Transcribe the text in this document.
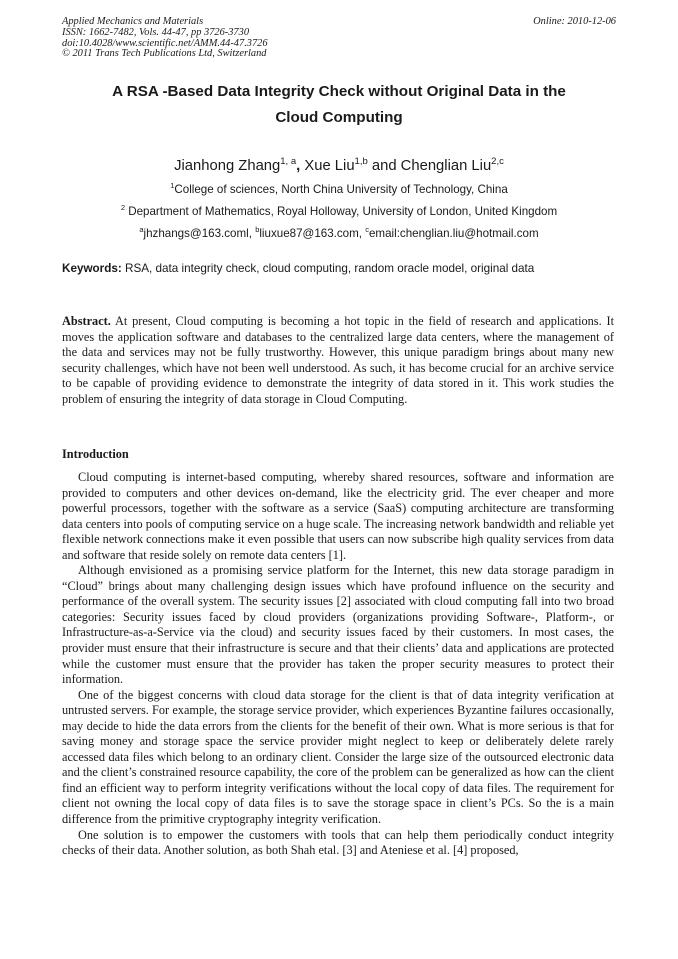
Applied Mechanics and Materials
ISSN: 1662-7482, Vols. 44-47, pp 3726-3730
doi:10.4028/www.scientific.net/AMM.44-47.3726
© 2011 Trans Tech Publications Ltd, Switzerland
Online: 2010-12-06
A RSA -Based Data Integrity Check without Original Data in the
Cloud Computing
Jianhong Zhang$^{1, a}$, Xue Liu$^{1,b}$ and Chenglian Liu$^{2,c}$
$^1$College of sciences, North China University of Technology, China
$^2$ Department of Mathematics, Royal Holloway, University of London, United Kingdom
$^a$jhzhangs@163.coml, $^b$liuxue87@163.com, $^c$email:chenglian.liu@hotmail.com
Keywords: RSA, data integrity check, cloud computing, random oracle model, original data

Abstract. At present, Cloud computing is becoming a hot topic in the field of research and applications. It moves the application software and databases to the centralized large data centers, where the management of the data and services may not be fully trustworthy. However, this unique paradigm brings about many new security challenges, which have not been well understood. As such, it has become crucial for an archive service to be capable of providing evidence to demonstrate the integrity of data stored in it. This work studies the problem of ensuring the integrity of data storage in Cloud Computing.

Introduction

Cloud computing is internet-based computing, whereby shared resources, software and information are provided to computers and other devices on-demand, like the electricity grid. The ever cheaper and more powerful processors, together with the software as a service (SaaS) computing architecture are transforming data centers into pools of computing service on a huge scale. The increasing network bandwidth and reliable yet flexible network connections make it even possible that users can now subscribe high quality services from data and software that reside solely on remote data centers [1].

Although envisioned as a promising service platform for the Internet, this new data storage paradigm in “Cloud” brings about many challenging design issues which have profound influence on the security and performance of the overall system. The security issues [2] associated with cloud computing fall into two broad categories: Security issues faced by cloud providers (organizations providing Software-, Platform-, or Infrastructure-as-a-Service via the cloud) and security issues faced by their customers. In most cases, the provider must ensure that their infrastructure is secure and that their clients’ data and applications are protected while the customer must ensure that the provider has taken the proper security measures to protect their information.

One of the biggest concerns with cloud data storage for the client is that of data integrity verification at untrusted servers. For example, the storage service provider, which experiences Byzantine failures occasionally, may decide to hide the data errors from the clients for the benefit of their own. What is more serious is that for saving money and storage space the service provider might neglect to keep or deliberately delete rarely accessed data files which belong to an ordinary client. Consider the large size of the outsourced electronic data and the client’s constrained resource capability, the core of the problem can be generalized as how can the client find an efficient way to perform integrity verifications without the local copy of data files. The requirement for client not owning the local copy of data files is to save the storage space in client’s PCs. So the is a main difference from the primitive cryptography integrity verification.

One solution is to empower the customers with tools that can help them periodically conduct integrity checks of their data. Another solution, as both Shah etal. [3] and Ateniese et al. [4] proposed,
